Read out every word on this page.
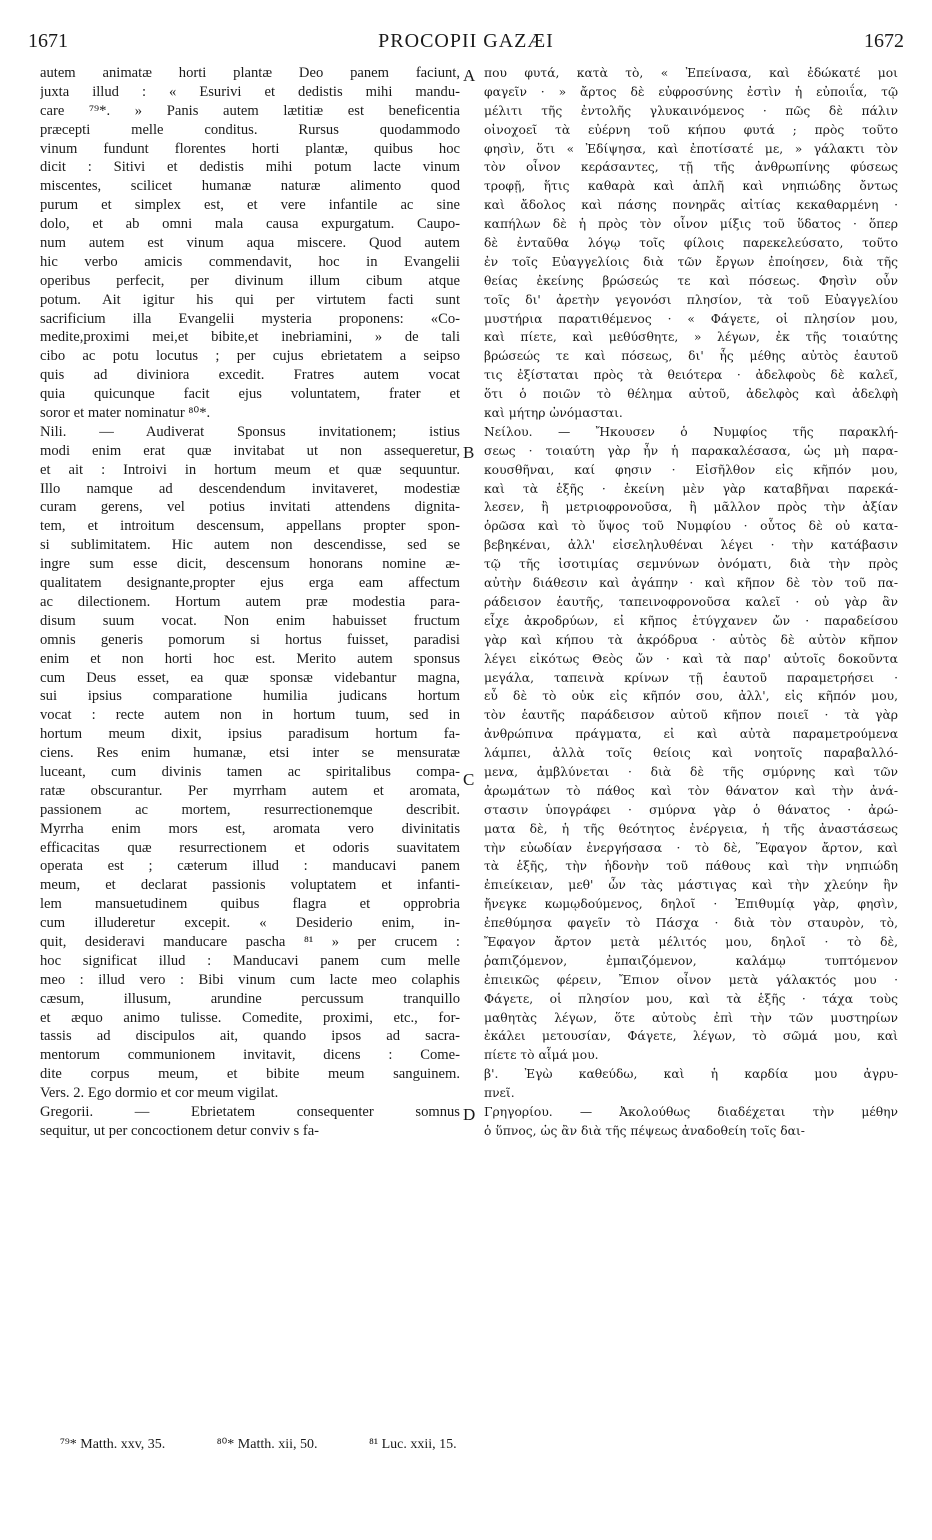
1671	PROCOPII GAZÆI	1672
autem animatæ horti plantæ Deo panem faciunt,
juxta illud : « Esurivi et dedistis mihi mandu-
care ⁷⁹*. » Panis autem lætitiæ est beneficentia
præcepti melle conditus. Rursus quodammodo
vinum fundunt florentes horti plantæ, quibus hoc
dicit : Sitivi et dedistis mihi potum lacte vinum
miscentes, scilicet humanæ naturæ alimento quod
purum et simplex est, et vere infantile ac sine
dolo, et ab omni mala causa expurgatum. Caupo-
num autem est vinum aqua miscere. Quod autem
hic verbo amicis commendavit, hoc in Evangelii
operibus perfecit, per divinum illum cibum atque
potum. Ait igitur his qui per virtutem facti sunt
sacrificium illa Evangelii mysteria proponens: «Co-
medite,proximi mei,et bibite,et inebriamini, » de tali
cibo ac potu locutus ; per cujus ebrietatem a seipso
quis ad diviniora excedit. Fratres autem vocat
quia quicunque facit ejus voluntatem, frater et
soror et mater nominatur ⁸⁰*.
Nili. — Audiverat Sponsus invitationem; istius
modi enim erat quæ invitabat ut non assequeretur,
et ait : Introivi in hortum meum et quæ sequuntur.
Illo namque ad descendendum invitaveret, modestiæ
curam gerens, vel potius invitati attendens dignita-
tem, et introitum descensum, appellans propter spon-
si sublimitatem. Hic autem non descendisse, sed se
ingre sum esse dicit, descensum honorans nomine æ-
qualitatem designante,propter ejus erga eam affectum
ac dilectionem. Hortum autem præ modestia para-
disum suum vocat. Non enim habuisset fructum
omnis generis pomorum si hortus fuisset, paradisi
enim et non horti hoc est. Merito autem sponsus
cum Deus esset, ea quæ sponsæ videbantur magna,
sui ipsius comparatione humilia judicans hortum
vocat : recte autem non in hortum tuum, sed in
hortum meum dixit, ipsius paradisum hortum fa-
ciens. Res enim humanæ, etsi inter se mensuratæ
luceant, cum divinis tamen ac spiritalibus compa-
ratæ obscurantur. Per myrrham autem et aromata,
passionem ac mortem, resurrectionemque describit.
Myrrha enim mors est, aromata vero divinitatis
efficacitas quæ resurrectionem et odoris suavitatem
operata est ; cæterum illud : manducavi panem
meum, et declarat passionis voluptatem et infanti-
lem mansuetudinem quibus flagra et opprobria
cum illuderetur excepit. « Desiderio enim, in-
quit, desideravi manducare pascha ⁸¹ » per crucem :
hoc significat illud : Manducavi panem cum melle
meo : illud vero : Bibi vinum cum lacte meo colaphis
cæsum, illusum, arundine percussum tranquillo
et æquo animo tulisse. Comedite, proximi, etc., for-
tassis ad discipulos ait, quando ipsos ad sacra-
mentorum communionem invitavit, dicens : Come-
dite corpus meum, et bibite meum sanguinem.
Vers. 2. Ego dormio et cor meum vigilat.
Gregorii. — Ebrietatem consequenter somnus
sequitur, ut per concoctionem detur conviv s fa-
που φυτά, κατὰ τὸ, « Ἐπείνασα, καὶ ἐδώκατέ μοι
φαγεῖν · » ἄρτος δὲ εὐφροσύνης ἐστὶν ἡ εὐποιΐα, τῷ
μέλιτι τῆς ἐντολῆς γλυκαινόμενος · πῶς δὲ πάλιν
οἰνοχοεῖ τὰ εὐέρνη τοῦ κήπου φυτά ; πρὸς τοῦτο
φησὶν, ὅτι « Ἐδίψησα, καὶ ἐποτίσατέ με, » γάλακτι τὸν
τὸν οἶνον κεράσαντες, τῇ τῆς ἀνθρωπίνης φύσεως
τροφῇ, ἥτις καθαρὰ καὶ ἁπλῆ καὶ νηπιώδης ὄντως
καὶ ἄδολος καὶ πάσης πονηρᾶς αἰτίας κεκαθαρμένη ·
καπήλων δὲ ἡ πρὸς τὸν οἶνον μίξις τοῦ ὕδατος · ὅπερ
δὲ ἐνταῦθα λόγῳ τοῖς φίλοις παρεκελεύσατο, τοῦτο
ἐν τοῖς Εὐαγγελίοις διὰ τῶν ἔργων ἐποίησεν, διὰ τῆς
θείας ἐκείνης βρώσεώς τε καὶ πόσεως. Φησὶν οὖν
τοῖς δι' ἀρετὴν γεγονόσι πλησίον, τὰ τοῦ Εὐαγγελίου
μυστήρια παρατιθέμενος · « Φάγετε, οἱ πλησίον μου,
καὶ πίετε, καὶ μεθύσθητε, » λέγων, ἐκ τῆς τοιαύτης
βρώσεώς τε καὶ πόσεως, δι' ἧς μέθης αὐτὸς ἑαυτοῦ
τις ἐξίσταται πρὸς τὰ θειότερα · ἀδελφοὺς δὲ καλεῖ,
ὅτι ὁ ποιῶν τὸ θέλημα αὐτοῦ, ἀδελφὸς καὶ ἀδελφὴ
καὶ μήτηρ ὠνόμασται.
Νείλου. — Ἤκουσεν ὁ Νυμφίος τῆς παρακλή-
σεως · τοιαύτη γὰρ ἦν ἡ παρακαλέσασα, ὡς μὴ παρα-
κουσθῆναι, καί φησιν · Εἰσῆλθον εἰς κῆπόν μου,
καὶ τὰ ἑξῆς · ἐκείνη μὲν γὰρ καταβῆναι παρεκά-
λεσεν, ἢ μετριοφρονοῦσα, ἢ μᾶλλον πρὸς τὴν ἀξίαν
ὁρῶσα καὶ τὸ ὕψος τοῦ Νυμφίου · οὗτος δὲ οὐ κατα-
βεβηκέναι, ἀλλ' εἰσεληλυθέναι λέγει · τὴν κατάβασιν
τῷ τῆς ἰσοτιμίας σεμνύνων ὀνόματι, διὰ τὴν πρὸς
αὐτὴν διάθεσιν καὶ ἀγάπην · καὶ κῆπον δὲ τὸν τοῦ πα-
ράδεισον ἑαυτῆς, ταπεινοφρονοῦσα καλεῖ · οὐ γὰρ ἂν
εἶχε ἀκροδρύων, εἰ κῆπος ἐτύγχανεν ὤν · παραδείσου
γὰρ καὶ κήπου τὰ ἀκρόδρυα · αὐτὸς δὲ αὐτὸν κῆπον
λέγει εἰκότως Θεὸς ὤν · καὶ τὰ παρ' αὐτοῖς δοκοῦντα
μεγάλα, ταπεινὰ κρίνων τῇ ἑαυτοῦ παραμετρήσει ·
εὖ δὲ τὸ οὐκ εἰς κῆπόν σου, ἀλλ', εἰς κῆπόν μου,
τὸν ἑαυτῆς παράδεισον αὐτοῦ κῆπον ποιεῖ · τὰ γὰρ
ἀνθρώπινα πράγματα, εἰ καὶ αὐτὰ παραμετρούμενα
λάμπει, ἀλλὰ τοῖς θείοις καὶ νοητοῖς παραβαλλό-
μενα, ἀμβλύνεται · διὰ δὲ τῆς σμύρνης καὶ τῶν
ἀρωμάτων τὸ πάθος καὶ τὸν θάνατον καὶ τὴν ἀνά-
στασιν ὑπογράφει · σμύρνα γὰρ ὁ θάνατος · ἀρώ-
ματα δὲ, ἡ τῆς θεότητος ἐνέργεια, ἡ τῆς ἀναστάσεως
τὴν εὐωδίαν ἐνεργήσασα · τὸ δὲ, Ἔφαγον ἄρτον, καὶ
τὰ ἑξῆς, τὴν ἡδονὴν τοῦ πάθους καὶ τὴν νηπιώδη
ἐπιείκειαν, μεθ' ὧν τὰς μάστιγας καὶ τὴν χλεύην ἣν
ἤνεγκε κωμῳδούμενος, δηλοῖ · Ἐπιθυμίᾳ γὰρ, φησὶν,
ἐπεθύμησα φαγεῖν τὸ Πάσχα · διὰ τὸν σταυρὸν, τὸ,
Ἔφαγον ἄρτον μετὰ μέλιτός μου, δηλοῖ · τὸ δὲ,
ῥαπιζόμενον, ἐμπαιζόμενον, καλάμῳ τυπτόμενον
ἐπιεικῶς φέρειν, Ἔπιον οἶνον μετὰ γάλακτός μου ·
Φάγετε, οἱ πλησίον μου, καὶ τὰ ἑξῆς · τάχα τοὺς
μαθητὰς λέγων, ὅτε αὐτοὺς ἐπὶ τὴν τῶν μυστηρίων
ἐκάλει μετουσίαν, Φάγετε, λέγων, τὸ σῶμά μου, καὶ
πίετε τὸ αἷμά μου.
β'. Ἐγὼ καθεύδω, καὶ ἡ καρδία μου ἀγρυ-
πνεῖ.
Γρηγορίου. — Ἀκολούθως διαδέχεται τὴν μέθην
ὁ ὕπνος, ὡς ἂν διὰ τῆς πέψεως ἀναδοθείη τοῖς δαι-
A
B
C
D
⁷⁹* Matth. xxv, 35.	⁸⁰* Matth. xii, 50.	⁸¹ Luc. xxii, 15.
